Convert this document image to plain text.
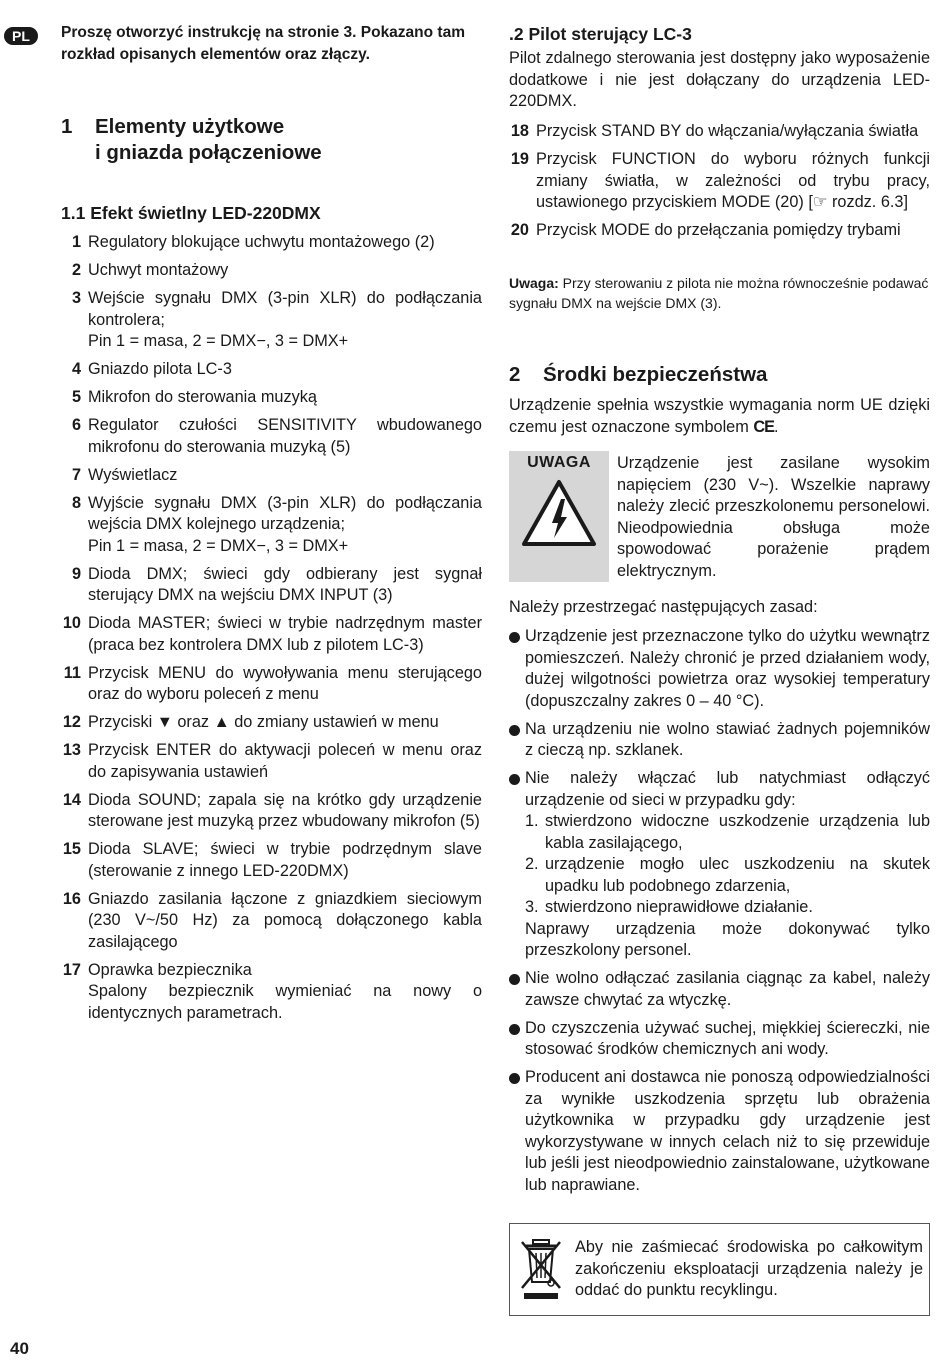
PL	Proszę otworzyć instrukcję na stronie 3. Pokazano tam rozkład opisanych elementów oraz złączy.
1 Elementy użytkowe
i gniazda połączeniowe
1.1 Efekt świetlny LED-220DMX
1 Regulatory blokujące uchwytu montażowego (2)
2 Uchwyt montażowy
3 Wejście sygnału DMX (3-pin XLR) do podłączania kontrolera;
Pin 1 = masa, 2 = DMX−, 3 = DMX+
4 Gniazdo pilota LC-3
5 Mikrofon do sterowania muzyką
6 Regulator czułości SENSITIVITY wbudowanego mikrofonu do sterowania muzyką (5)
7 Wyświetlacz
8 Wyjście sygnału DMX (3-pin XLR) do podłączania wejścia DMX kolejnego urządzenia;
Pin 1 = masa, 2 = DMX−, 3 = DMX+
9 Dioda DMX; świeci gdy odbierany jest sygnał sterujący DMX na wejściu DMX INPUT (3)
10 Dioda MASTER; świeci w trybie nadrzędnym master (praca bez kontrolera DMX lub z pilotem LC-3)
11 Przycisk MENU do wywoływania menu sterującego oraz do wyboru poleceń z menu
12 Przyciski ▼ oraz ▲ do zmiany ustawień w menu
13 Przycisk ENTER do aktywacji poleceń w menu oraz do zapisywania ustawień
14 Dioda SOUND; zapala się na krótko gdy urządzenie sterowane jest muzyką przez wbudowany mikrofon (5)
15 Dioda SLAVE; świeci w trybie podrzędnym slave (sterowanie z innego LED-220DMX)
16 Gniazdo zasilania łączone z gniazdkiem sieciowym (230 V~/50 Hz) za pomocą dołączonego kabla zasilającego
17 Oprawka bezpiecznika
Spalony bezpiecznik wymieniać na nowy o identycznych parametrach.
.2 Pilot sterujący LC-3
Pilot zdalnego sterowania jest dostępny jako wyposażenie dodatkowe i nie jest dołączany do urządzenia LED-220DMX.
18 Przycisk STAND BY do włączania/wyłączania światła
19 Przycisk FUNCTION do wyboru różnych funkcji zmiany światła, w zależności od trybu pracy, ustawionego przyciskiem MODE (20) [☞ rozdz. 6.3]
20 Przycisk MODE do przełączania pomiędzy trybami
Uwaga: Przy sterowaniu z pilota nie można równocześnie podawać sygnału DMX na wejście DMX (3).
2 Środki bezpieczeństwa
Urządzenie spełnia wszystkie wymagania norm UE dzięki czemu jest oznaczone symbolem CE.
UWAGA	Urządzenie jest zasilane wysokim napięciem (230 V~). Wszelkie naprawy należy zlecić przeszkolonemu personelowi. Nieodpowiednia obsługa może spowodować porażenie prądem elektrycznym.
Należy przestrzegać następujących zasad:
Urządzenie jest przeznaczone tylko do użytku wewnątrz pomieszczeń. Należy chronić je przed działaniem wody, dużej wilgotności powietrza oraz wysokiej temperatury (dopuszczalny zakres 0 – 40 °C).
Na urządzeniu nie wolno stawiać żadnych pojemników z cieczą np. szklanek.
Nie należy włączać lub natychmiast odłączyć urządzenie od sieci w przypadku gdy:
1. stwierdzono widoczne uszkodzenie urządzenia lub kabla zasilającego,
2. urządzenie mogło ulec uszkodzeniu na skutek upadku lub podobnego zdarzenia,
3. stwierdzono nieprawidłowe działanie.
Naprawy urządzenia może dokonywać tylko przeszkolony personel.
Nie wolno odłączać zasilania ciągnąc za kabel, należy zawsze chwytać za wtyczkę.
Do czyszczenia używać suchej, miękkiej ściereczki, nie stosować środków chemicznych ani wody.
Producent ani dostawca nie ponoszą odpowiedzialności za wynikłe uszkodzenia sprzętu lub obrażenia użytkownika w przypadku gdy urządzenie jest wykorzystywane w innych celach niż to się przewiduje lub jeśli jest nieodpowiednio zainstalowane, użytkowane lub naprawiane.
Aby nie zaśmiecać środowiska po całkowitym zakończeniu eksploatacji urządzenia należy je oddać do punktu recyklingu.
40
